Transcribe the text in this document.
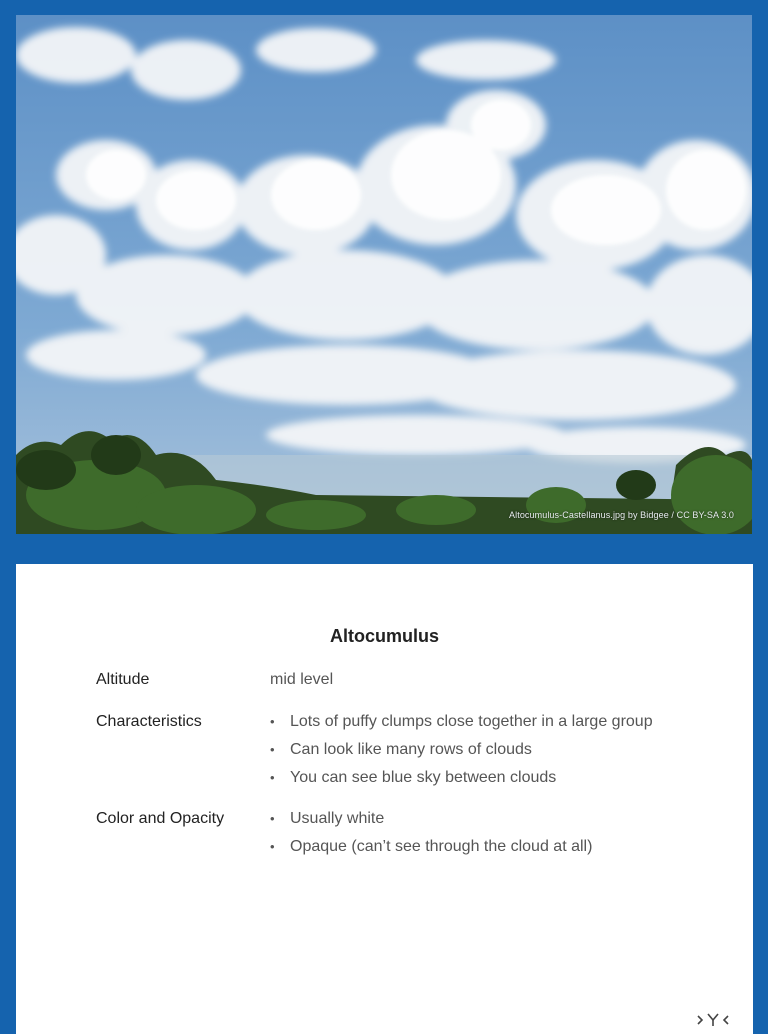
Altocumulus-Castellanus.jpg by Bidgee / CC BY-SA 3.0
Altocumulus
Altitude	mid level
Characteristics	• Lots of puffy clumps close together in a large group
• Can look like many rows of clouds
• You can see blue sky between clouds
Color and Opacity	• Usually white
• Opaque (can’t see through the cloud at all)
